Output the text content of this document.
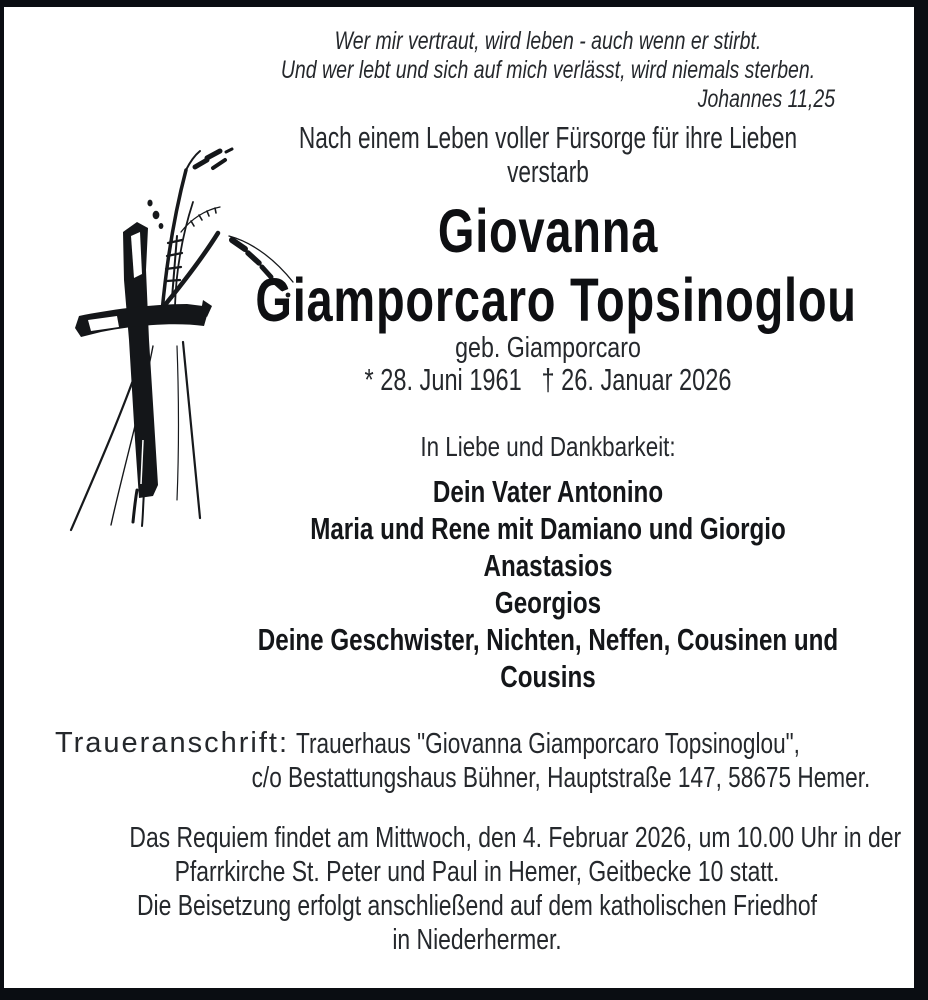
Wer mir vertraut, wird leben - auch wenn er stirbt.
Und wer lebt und sich auf mich verlässt, wird niemals sterben.
Johannes 11,25
Nach einem Leben voller Fürsorge für ihre Lieben
verstarb
Giovanna
Giamporcaro Topsinoglou
geb. Giamporcaro
* 28. Juni 1961 † 26. Januar 2026
In Liebe und Dankbarkeit:
Dein Vater Antonino
Maria und Rene mit Damiano und Giorgio
Anastasios
Georgios
Deine Geschwister, Nichten, Neffen, Cousinen und
Cousins
Traueranschrift: Trauerhaus "Giovanna Giamporcaro Topsinoglou",
c/o Bestattungshaus Bühner, Hauptstraße 147, 58675 Hemer.
Das Requiem findet am Mittwoch, den 4. Februar 2026, um 10.00 Uhr in der
Pfarrkirche St. Peter und Paul in Hemer, Geitbecke 10 statt.
Die Beisetzung erfolgt anschließend auf dem katholischen Friedhof
in Niederhermer.
